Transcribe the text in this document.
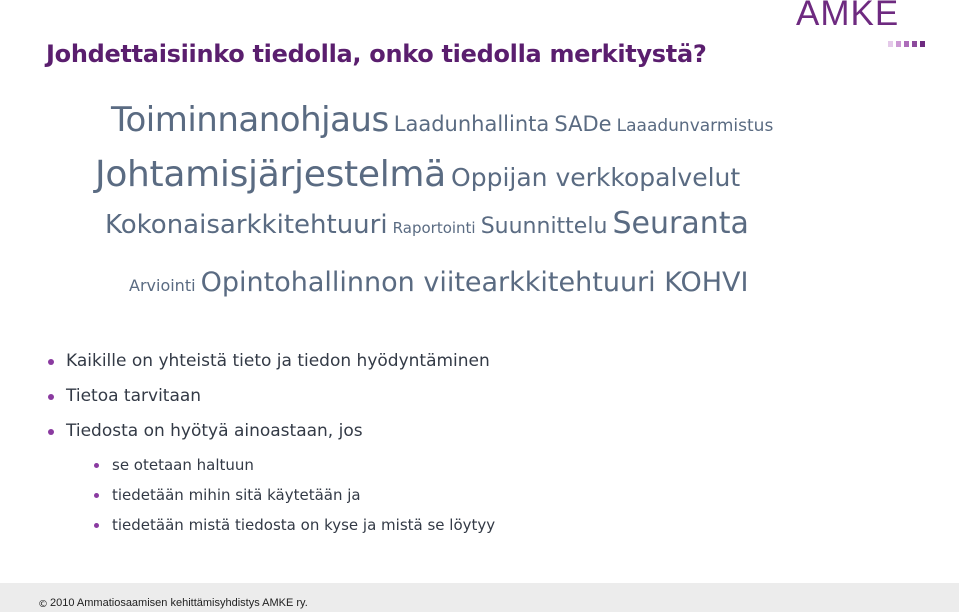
Johdettaisiinko tiedolla, onko tiedolla merkitystä?
AMKE
Toiminnanohjaus Laadunhallinta SADe Laaadunvarmistus
Johtamisjärjestelmä Oppijan verkkopalvelut
Kokonaisarkkitehtuuri Raportointi Suunnittelu Seuranta
Arviointi Opintohallinnon viitearkkitehtuuri KOHVI
Kaikille on yhteistä tieto ja tiedon hyödyntäminen
Tietoa tarvitaan
Tiedosta on hyötyä ainoastaan, jos
se otetaan haltuun
tiedetään mihin sitä käytetään ja
tiedetään mistä tiedosta on kyse ja mistä se löytyy
© 2010 Ammatiosaamisen kehittämisyhdistys AMKE ry.
